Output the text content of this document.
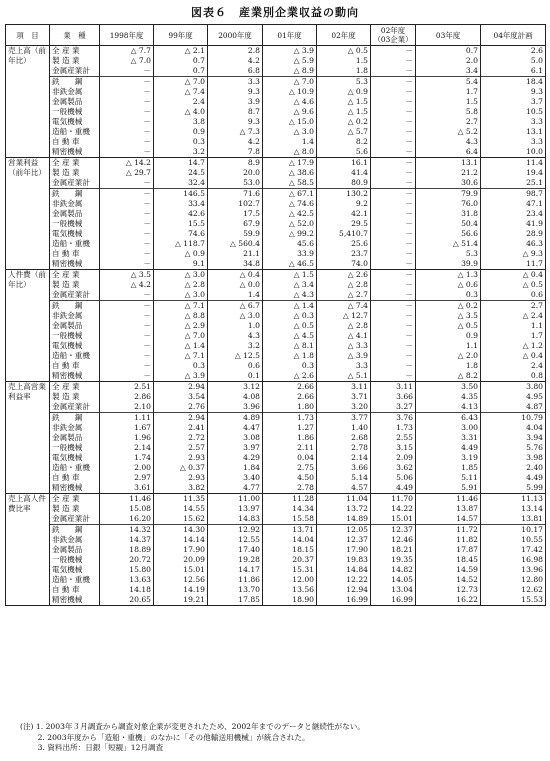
図表６　産業別企業収益の動向
項　目	業　種	1998年度	99年度	2000年度	01年度	02年度	02年度（03企業）	03年度	04年度計画
売上高（前年比）	全 産 業	△ 7.7	△ 2.1	2.8	△ 3.9	△ 0.5	－	0.7	2.6
	製 造 業	△ 7.0	0.7	4.2	△ 5.9	1.5	－	2.0	5.0
	金属産業計	－	0.7	6.8	△ 8.9	1.8	－	3.4	6.1
	鉄　　鋼	－	△ 7.0	3.3	△ 7.0	5.3	－	5.4	18.4
	非鉄金属	－	△ 7.4	9.3	△ 10.9	△ 0.9	－	1.7	9.3
	金属製品	－	2.4	3.9	△ 4.6	△ 1.5	－	1.5	3.7
	一般機械	－	△ 4.0	8.7	△ 9.6	△ 1.5	－	5.8	10.5
	電気機械	－	3.8	9.3	△ 15.0	△ 0.2	－	2.7	3.3
	造船・重機	－	0.9	△ 7.3	△ 3.0	△ 5.7	－	△ 5.2	13.1
	自 動 車	－	0.3	4.2	1.4	8.2	－	4.3	3.3
	精密機械	－	3.2	7.8	△ 8.0	5.6	－	6.4	10.0
営業利益（前年比）	全 産 業	△ 14.2	14.7	8.9	△ 17.9	16.1	－	13.1	11.4
	製 造 業	△ 29.7	24.5	20.0	△ 38.6	41.4	－	21.2	19.4
	金属産業計	－	32.4	53.0	△ 58.5	80.9	－	30.6	25.1
	鉄　　鋼	－	146.5	71.6	△ 67.1	130.2	－	79.9	98.7
	非鉄金属	－	33.4	102.7	△ 74.6	9.2	－	76.0	47.1
	金属製品	－	42.6	17.5	△ 42.5	42.1	－	31.8	23.4
	一般機械	－	15.5	67.9	△ 52.0	29.5	－	50.4	41.9
	電気機械	－	74.6	59.9	△ 99.2	5,410.7	－	56.6	28.9
	造船・重機	－	△ 118.7	△ 560.4	45.6	25.6	－	△ 51.4	46.3
	自 動 車	－	△ 0.9	21.1	33.9	23.7	－	5.3	△ 9.3
	精密機械	－	9.1	34.8	△ 46.5	74.0	－	39.9	11.7
人件費（前年比）	全 産 業	△ 3.5	△ 3.0	△ 0.4	△ 1.5	△ 2.6	－	△ 1.3	△ 0.4
	製 造 業	△ 4.2	△ 2.8	△ 0.0	△ 3.4	△ 2.8	－	△ 0.6	△ 0.5
	金属産業計	－	△ 3.0	1.4	△ 4.3	△ 2.7	－	0.3	0.6
	鉄　　鋼	－	△ 7.1	△ 6.7	△ 1.4	△ 7.4	－	△ 0.2	2.7
	非鉄金属	－	△ 8.8	△ 3.0	△ 0.3	△ 12.7	－	△ 3.5	△ 2.4
	金属製品	－	△ 2.9	1.0	△ 0.5	△ 2.8	－	△ 0.5	1.1
	一般機械	－	△ 7.0	4.3	△ 4.5	△ 4.1	－	0.9	1.7
	電気機械	－	△ 1.4	3.2	△ 8.1	△ 3.3	－	1.1	△ 1.2
	造船・重機	－	△ 7.1	△ 12.5	△ 1.8	△ 3.9	－	△ 2.0	△ 0.4
	自 動 車	－	0.3	0.6	0.3	3.3	－	1.8	2.4
	精密機械	－	△ 3.9	0.1	△ 2.6	△ 5.1	－	△ 8.2	0.8
売上高営業利益率	全 産 業	2.51	2.94	3.12	2.66	3.11	3.11	3.50	3.80
	製 造 業	2.86	3.54	4.08	2.66	3.71	3.66	4.35	4.95
	金属産業計	2.10	2.76	3.96	1.80	3.20	3.27	4.13	4.87
	鉄　　鋼	1.11	2.94	4.89	1.73	3.77	3.76	6.43	10.79
	非鉄金属	1.67	2.41	4.47	1.27	1.40	1.73	3.00	4.04
	金属製品	1.96	2.72	3.08	1.86	2.68	2.55	3.31	3.94
	一般機械	2.14	2.57	3.97	2.11	2.78	3.15	4.49	5.76
	電気機械	1.74	2.93	4.29	0.04	2.14	2.09	3.19	3.98
	造船・重機	2.00	△ 0.37	1.84	2.75	3.66	3.62	1.85	2.40
	自 動 車	2.97	2.93	3.40	4.50	5.14	5.06	5.11	4.49
	精密機械	3.61	3.82	4.77	2.78	4.57	4.49	5.91	5.99
売上高人件費比率	全 産 業	11.46	11.35	11.00	11.28	11.04	11.70	11.46	11.13
	製 造 業	15.08	14.55	13.97	14.34	13.72	14.22	13.87	13.14
	金属産業計	16.20	15.62	14.83	15.58	14.89	15.01	14.57	13.81
	鉄　　鋼	14.32	14.30	12.92	13.71	12.05	12.37	11.72	10.17
	非鉄金属	14.37	14.14	12.55	14.04	12.37	12.46	11.82	10.55
	金属製品	18.89	17.90	17.40	18.15	17.90	18.21	17.87	17.42
	一般機械	20.72	20.09	19.28	20.37	19.83	19.35	18.45	16.98
	電気機械	15.80	15.01	14.17	15.31	14.84	14.82	14.59	13.96
	造船・重機	13.63	12.56	11.86	12.00	12.22	14.05	14.52	12.80
	自 動 車	14.18	14.19	13.70	13.56	12.94	13.04	12.73	12.62
	精密機械	20.65	19.21	17.85	18.90	16.99	16.99	16.22	15.53
(注) 1. 2003年３月調査から調査対象企業が変更されたため、2002年までのデータと継続性がない。
　　 2. 2003年度から「造船・重機」のなかに「その他輸送用機械」が統合された。
　　 3. 資料出所：日銀「短観」12月調査
